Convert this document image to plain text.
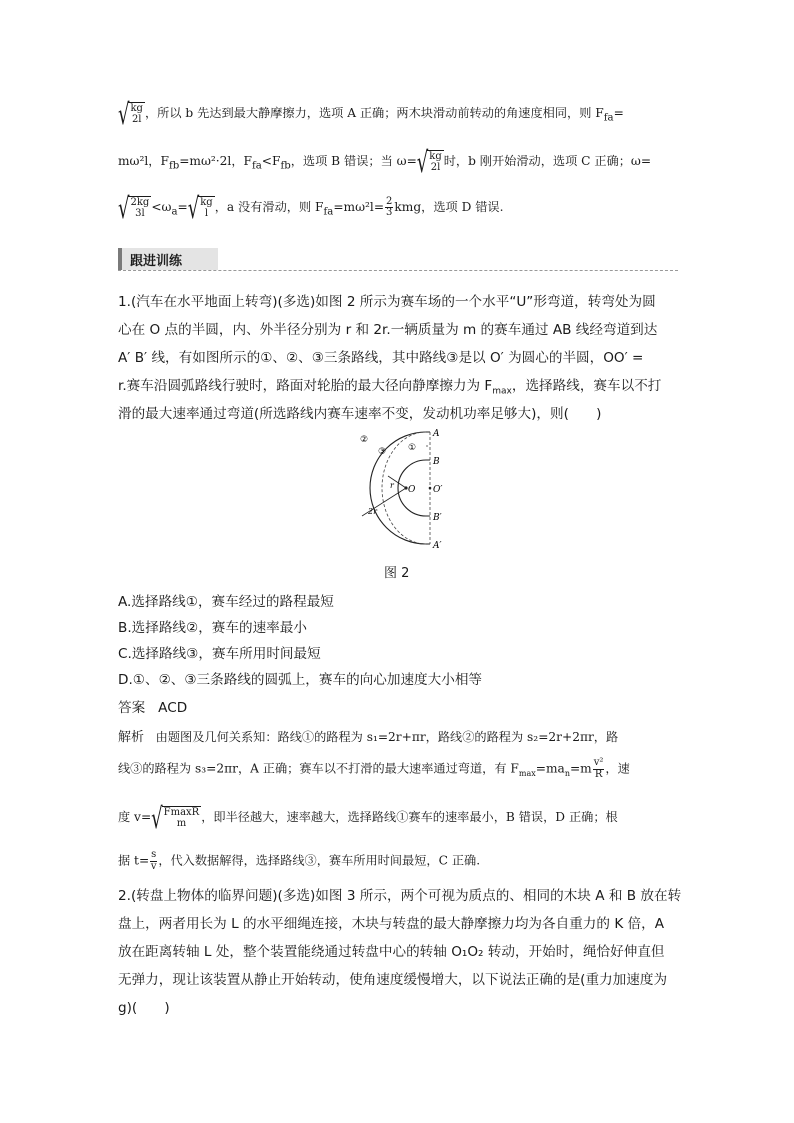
√ kg
2l ，所以 b 先达到最大静摩擦力，选项 A 正确；两木块滑动前转动的角速度相同，则 $F_{fa}=$
mω²l，$F_{fb}=m\omega^2\cdot 2l$，$F_{fa}<F_{fb}$，选项 B 错误；当 ω= √ kg
2l 时，b 刚开始滑动，选项 C 正确；ω=
√ 2kg
$3l <\omega_a=$ √ kg
l ，a 没有滑动，则 $F_{fa}=m\omega^2l= \frac{2}{3}$ kmg，选项 D 错误.
跟进训练
1.(汽车在水平地面上转弯)(多选)如图 2 所示为赛车场的一个水平“U”形弯道，转弯处为圆
心在 O 点的半圆，内、外半径分别为 r 和 2r.一辆质量为 m 的赛车通过 AB 线经弯道到达
A′ B′ 线，有如图所示的①、②、③三条路线，其中路线③是以 O′ 为圆心的半圆，OO′ =
r.赛车沿圆弧路线行驶时，路面对轮胎的最大径向静摩擦力为 $F_{max}$，选择路线，赛车以不打
滑的最大速率通过弯道(所选路线内赛车速率不变，发动机功率足够大)，则(　　)
A
B
O′
B′
A′
O
r
2r
①
②
③
图 2
A.选择路线①，赛车经过的路程最短
B.选择路线②，赛车的速率最小
C.选择路线③，赛车所用时间最短
D.①、②、③三条路线的圆弧上，赛车的向心加速度大小相等
答案 ACD
解析 由题图及几何关系知：路线①的路程为 s₁=2r+πr，路线②的路程为 s₂=2r+2πr，路
线③的路程为 s₃=2πr，A 正确；赛车以不打滑的最大速率通过弯道，有 $F_{max}=ma_n=m \frac{\text{v²}}{R}$ ，速
度 v= √ FmaxR
m ，即半径越大，速率越大，选择路线①赛车的速率最小，B 错误，D 正确；根
据 $t= \frac{s}{v}$ ，代入数据解得，选择路线③，赛车所用时间最短，C 正确.
2.(转盘上物体的临界问题)(多选)如图 3 所示，两个可视为质点的、相同的木块 A 和 B 放在转
盘上，两者用长为 L 的水平细绳连接，木块与转盘的最大静摩擦力均为各自重力的 K 倍，A
放在距离转轴 L 处，整个装置能绕通过转盘中心的转轴 O₁O₂ 转动，开始时，绳恰好伸直但
无弹力，现让该装置从静止开始转动，使角速度缓慢增大，以下说法正确的是(重力加速度为
g)(　　)
